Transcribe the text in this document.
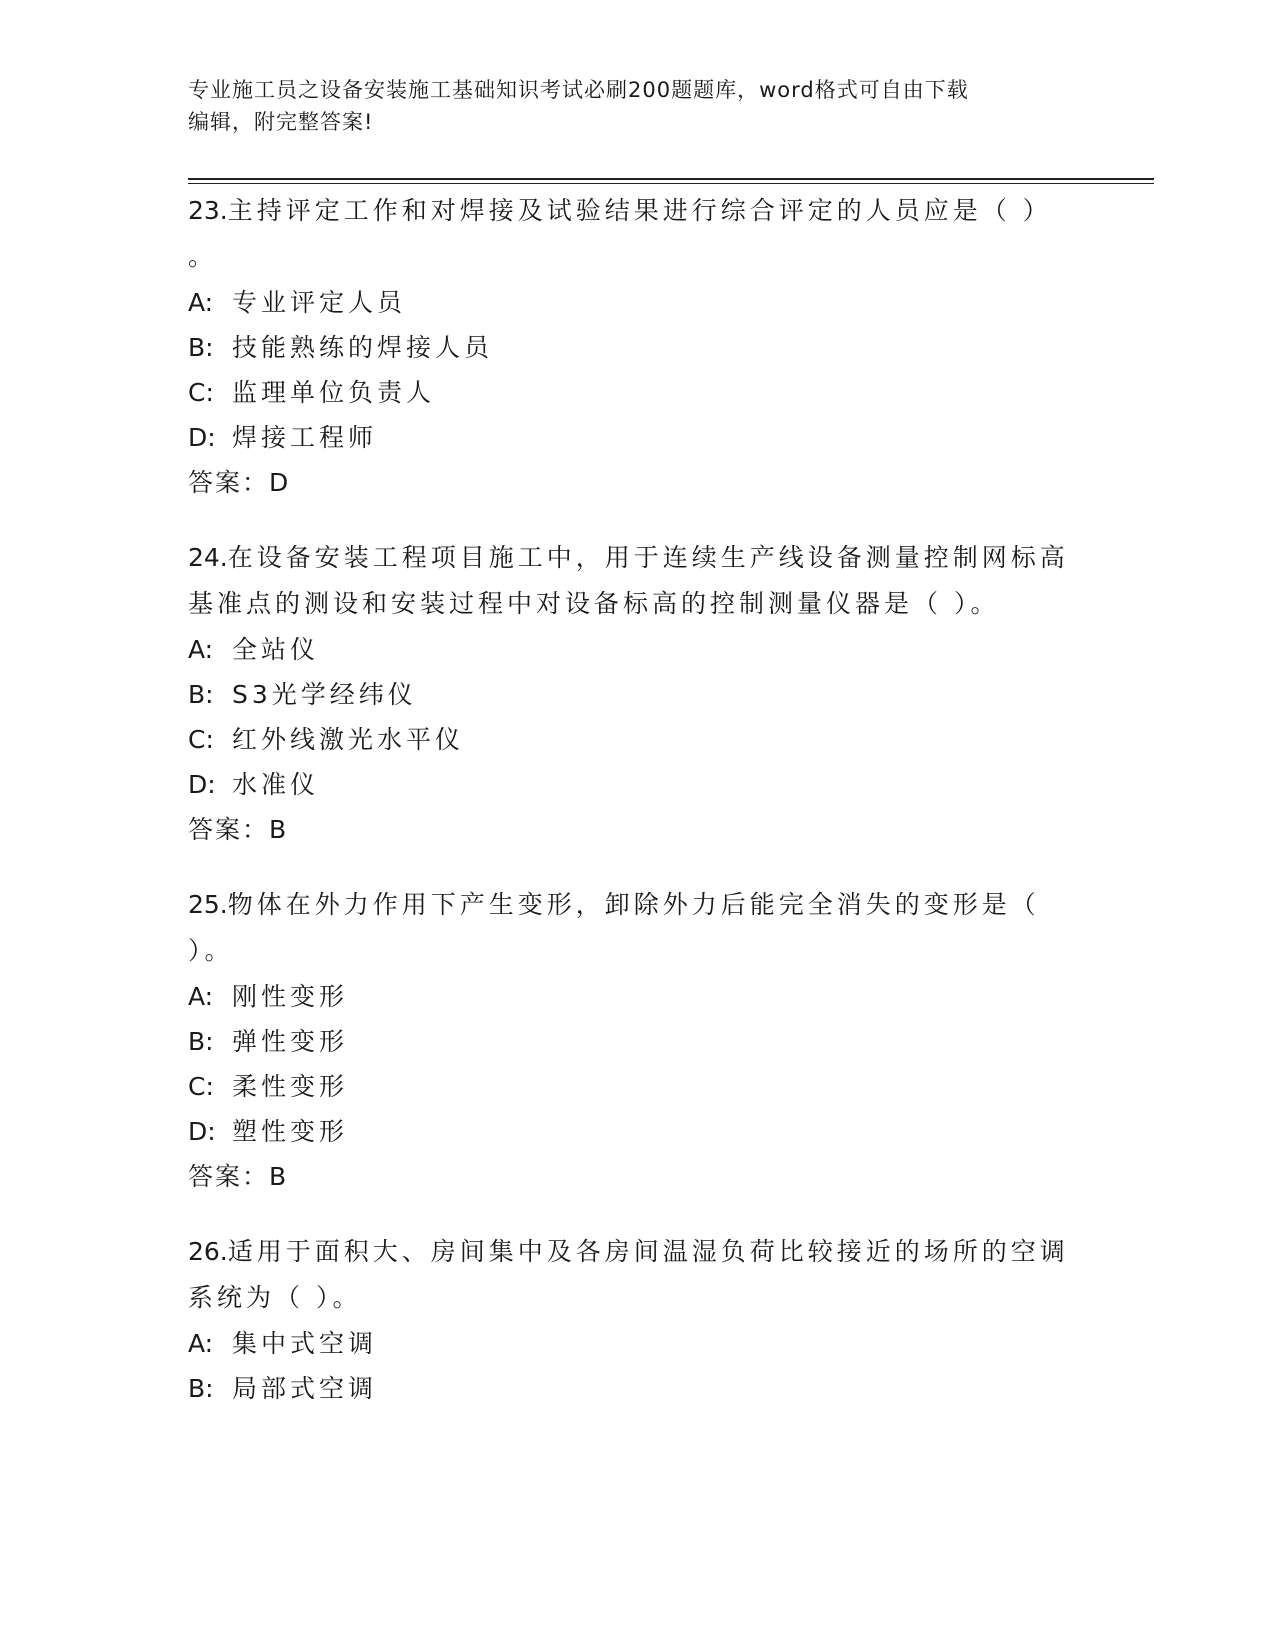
专业施工员之设备安装施工基础知识考试必刷200题题库，word格式可自由下载
编辑，附完整答案!

23.主持评定工作和对焊接及试验结果进行综合评定的人员应是（ ）

。

A: 专业评定人员

B: 技能熟练的焊接人员

C: 监理单位负责人

D: 焊接工程师

答案：D

24.在设备安装工程项目施工中，用于连续生产线设备测量控制网标高

基准点的测设和安装过程中对设备标高的控制测量仪器是（ ）。

A: 全站仪

B: S3光学经纬仪

C: 红外线激光水平仪

D: 水准仪

答案：B

25.物体在外力作用下产生变形，卸除外力后能完全消失的变形是（

）。

A: 刚性变形

B: 弹性变形

C: 柔性变形

D: 塑性变形

答案：B

26.适用于面积大、房间集中及各房间温湿负荷比较接近的场所的空调

系统为（ ）。

A: 集中式空调

B: 局部式空调
